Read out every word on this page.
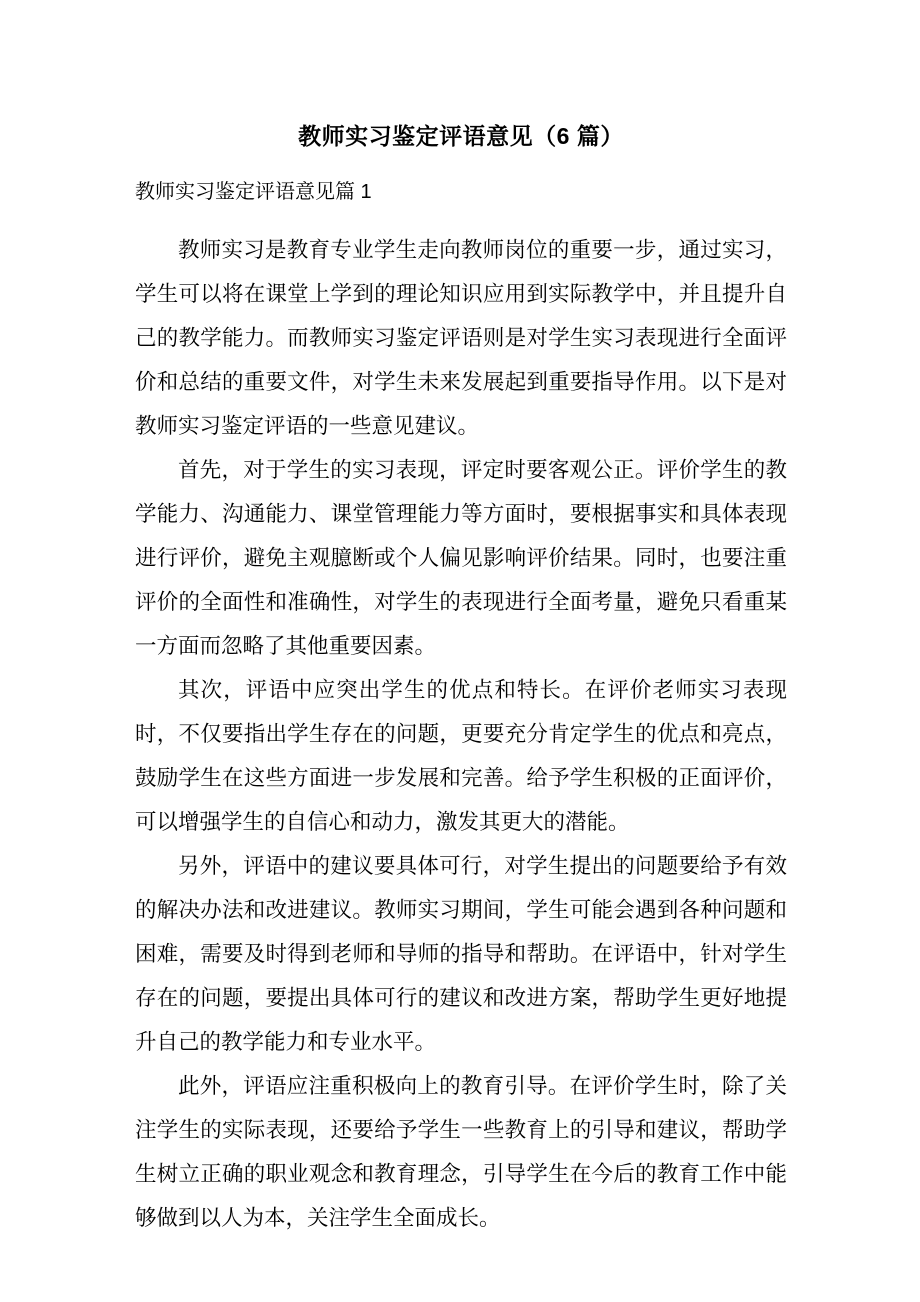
教师实习鉴定评语意见（6 篇）
教师实习鉴定评语意见篇 1

教师实习是教育专业学生走向教师岗位的重要一步，通过实习，学生可以将在课堂上学到的理论知识应用到实际教学中，并且提升自己的教学能力。而教师实习鉴定评语则是对学生实习表现进行全面评价和总结的重要文件，对学生未来发展起到重要指导作用。以下是对教师实习鉴定评语的一些意见建议。

首先，对于学生的实习表现，评定时要客观公正。评价学生的教学能力、沟通能力、课堂管理能力等方面时，要根据事实和具体表现进行评价，避免主观臆断或个人偏见影响评价结果。同时，也要注重评价的全面性和准确性，对学生的表现进行全面考量，避免只看重某一方面而忽略了其他重要因素。

其次，评语中应突出学生的优点和特长。在评价老师实习表现时，不仅要指出学生存在的问题，更要充分肯定学生的优点和亮点，鼓励学生在这些方面进一步发展和完善。给予学生积极的正面评价，可以增强学生的自信心和动力，激发其更大的潜能。

另外，评语中的建议要具体可行，对学生提出的问题要给予有效的解决办法和改进建议。教师实习期间，学生可能会遇到各种问题和困难，需要及时得到老师和导师的指导和帮助。在评语中，针对学生存在的问题，要提出具体可行的建议和改进方案，帮助学生更好地提升自己的教学能力和专业水平。

此外，评语应注重积极向上的教育引导。在评价学生时，除了关注学生的实际表现，还要给予学生一些教育上的引导和建议，帮助学生树立正确的职业观念和教育理念，引导学生在今后的教育工作中能够做到以人为本，关注学生全面成长。
